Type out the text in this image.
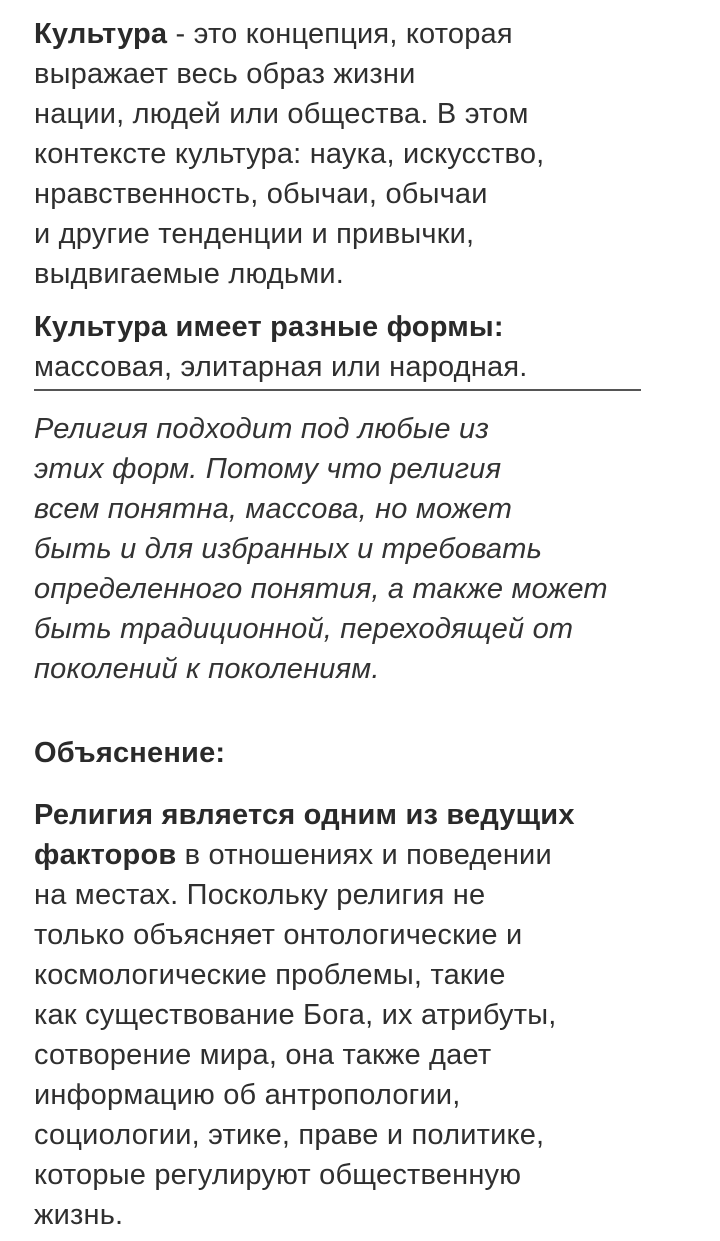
Культура - это концепция, которая
выражает весь образ жизни
нации, людей или общества. В этом
контексте культура: наука, искусство,
нравственность, обычаи, обычаи
и другие тенденции и привычки,
выдвигаемые людьми.
Культура имеет разные формы:
массовая, элитарная или народная.
Религия подходит под любые из
этих форм. Потому что религия
всем понятна, массова, но может
быть и для избранных и требовать
определенного понятия, а также может
быть традиционной, переходящей от
поколений к поколениям.
Объяснение:
Религия является одним из ведущих
факторов в отношениях и поведении
на местах. Поскольку религия не
только объясняет онтологические и
космологические проблемы, такие
как существование Бога, их атрибуты,
сотворение мира, она также дает
информацию об антропологии,
социологии, этике, праве и политике,
которые регулируют общественную
жизнь.
